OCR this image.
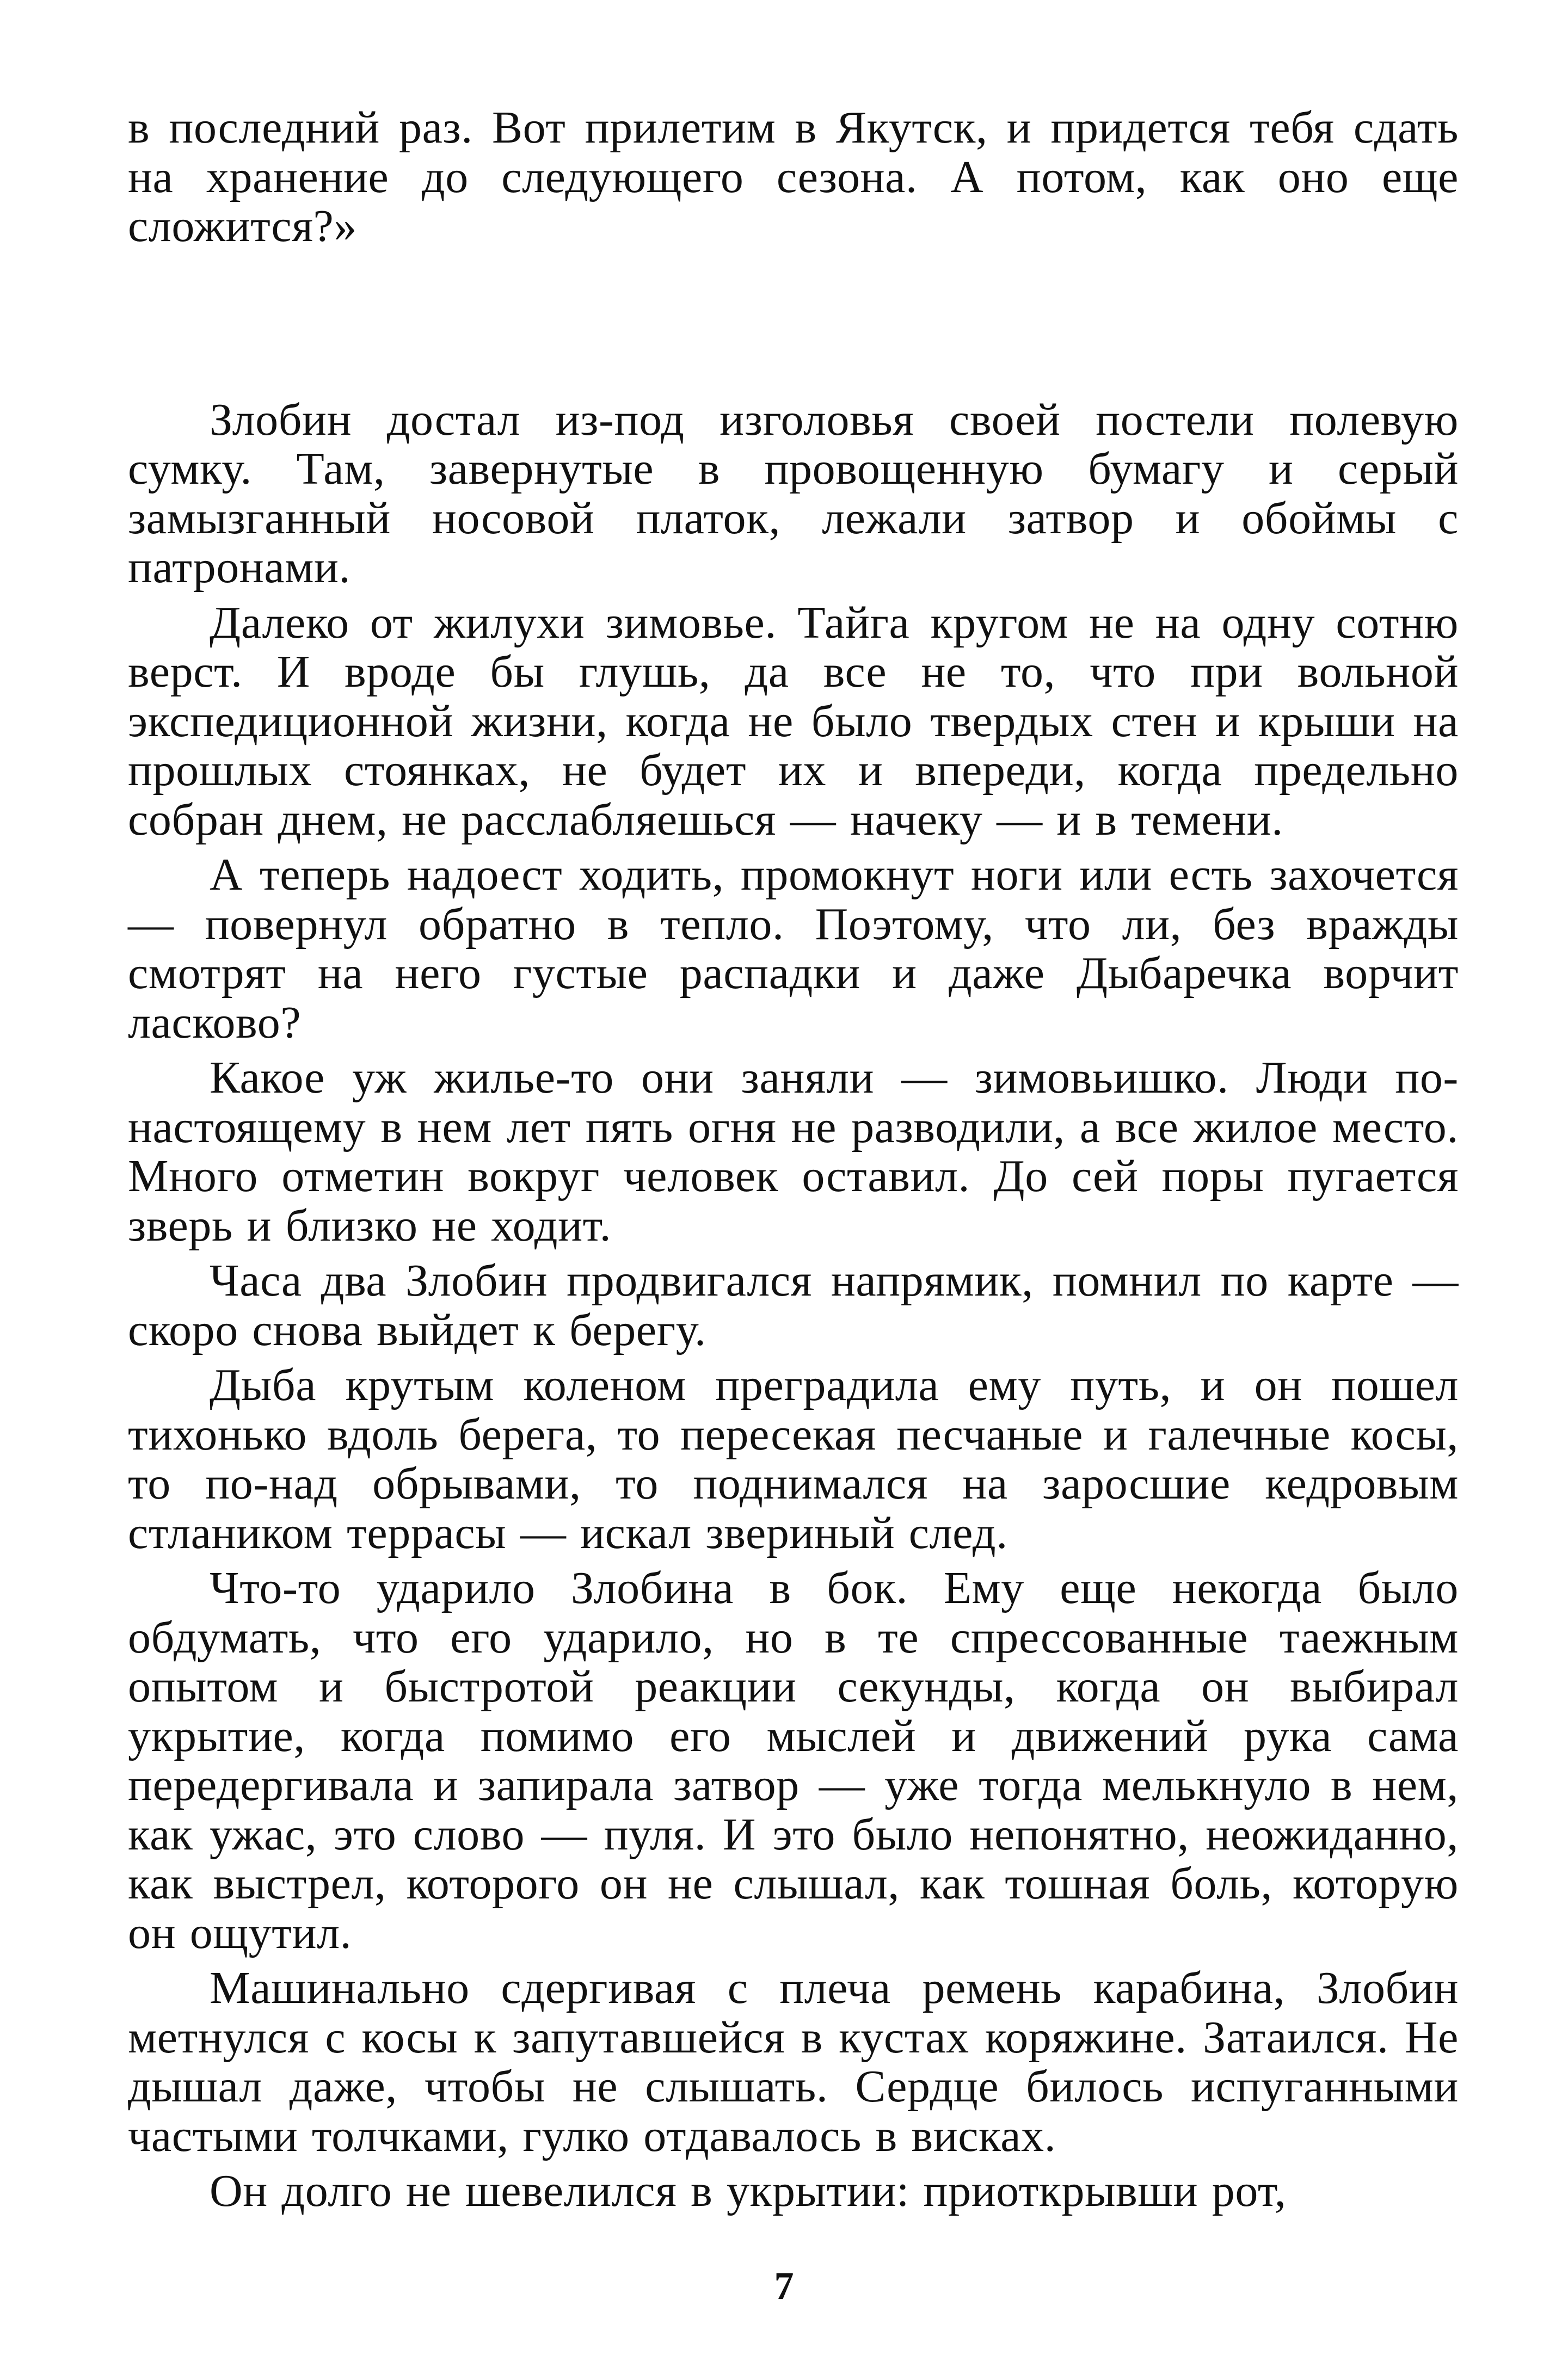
в последний раз. Вот прилетим в Якутск, и придется тебя сдать на хранение до следующего сезона. А потом, как оно еще сложится?»

Злобин достал из-под изголовья своей постели полевую сумку. Там, завернутые в провощенную бумагу и серый замызганный носовой платок, лежали затвор и обоймы с патронами.

Далеко от жилухи зимовье. Тайга кругом не на одну сотню верст. И вроде бы глушь, да все не то, что при вольной экспедиционной жизни, когда не было твердых стен и крыши на прошлых стоянках, не будет их и впереди, когда предельно собран днем, не расслабляешься — начеку — и в темени.

А теперь надоест ходить, промокнут ноги или есть захочется — повернул обратно в тепло. Поэтому, что ли, без вражды смотрят на него густые распадки и даже Дыбаречка ворчит ласково?

Какое уж жилье-то они заняли — зимовьишко. Люди по-настоящему в нем лет пять огня не разводили, а все жилое место. Много отметин вокруг человек оставил. До сей поры пугается зверь и близко не ходит.

Часа два Злобин продвигался напрямик, помнил по карте — скоро снова выйдет к берегу.

Дыба крутым коленом преградила ему путь, и он пошел тихонько вдоль берега, то пересекая песчаные и галечные косы, то по-над обрывами, то поднимался на заросшие кедровым стлаником террасы — искал звериный след.

Что-то ударило Злобина в бок. Ему еще некогда было обдумать, что его ударило, но в те спрессованные таежным опытом и быстротой реакции секунды, когда он выбирал укрытие, когда помимо его мыслей и движений рука сама передергивала и запирала затвор — уже тогда мелькнуло в нем, как ужас, это слово — пуля. И это было непонятно, неожиданно, как выстрел, которого он не слышал, как тошная боль, которую он ощутил.

Машинально сдергивая с плеча ремень карабина, Злобин метнулся с косы к запутавшейся в кустах коряжине. Затаился. Не дышал даже, чтобы не слышать. Сердце билось испуганными частыми толчками, гулко отдавалось в висках.

Он долго не шевелился в укрытии: приоткрывши рот,

7
